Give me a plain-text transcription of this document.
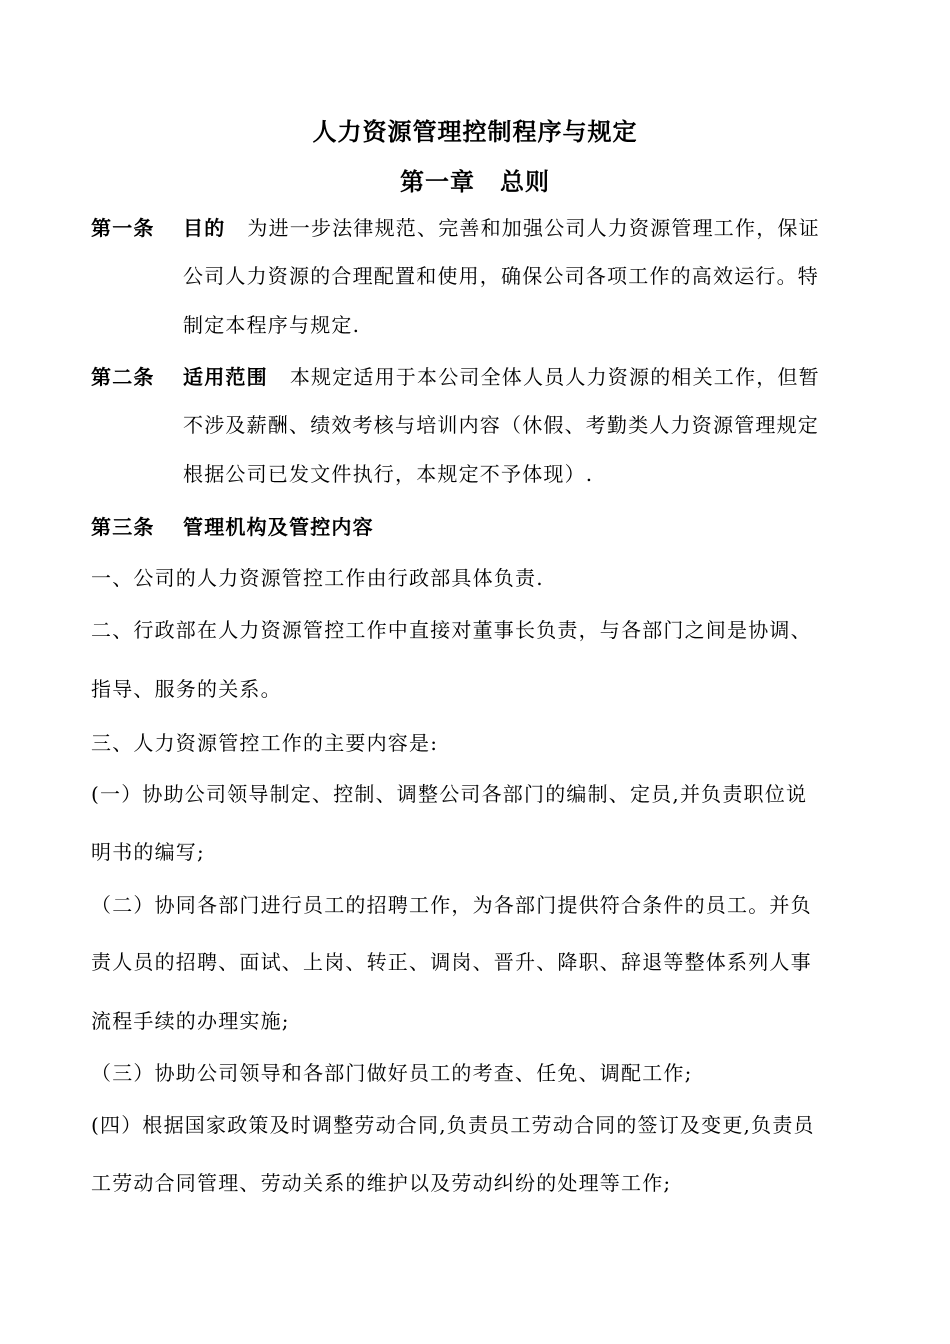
人力资源管理控制程序与规定
第一章　总则
第一条 目的 为进一步法律规范、完善和加强公司人力资源管理工作，保证
公司人力资源的合理配置和使用，确保公司各项工作的高效运行。特
制定本程序与规定.
第二条 适用范围 本规定适用于本公司全体人员人力资源的相关工作，但暂
不涉及薪酬、绩效考核与培训内容（休假、考勤类人力资源管理规定
根据公司已发文件执行，本规定不予体现）.
第三条 管理机构及管控内容
一、公司的人力资源管控工作由行政部具体负责.
二、行政部在人力资源管控工作中直接对董事长负责，与各部门之间是协调、
指导、服务的关系。
三、人力资源管控工作的主要内容是:
(一）协助公司领导制定、控制、调整公司各部门的编制、定员,并负责职位说
明书的编写;
（二）协同各部门进行员工的招聘工作，为各部门提供符合条件的员工。并负
责人员的招聘、面试、上岗、转正、调岗、晋升、降职、辞退等整体系列人事
流程手续的办理实施;
（三）协助公司领导和各部门做好员工的考查、任免、调配工作;
(四）根据国家政策及时调整劳动合同,负责员工劳动合同的签订及变更,负责员
工劳动合同管理、劳动关系的维护以及劳动纠纷的处理等工作;
